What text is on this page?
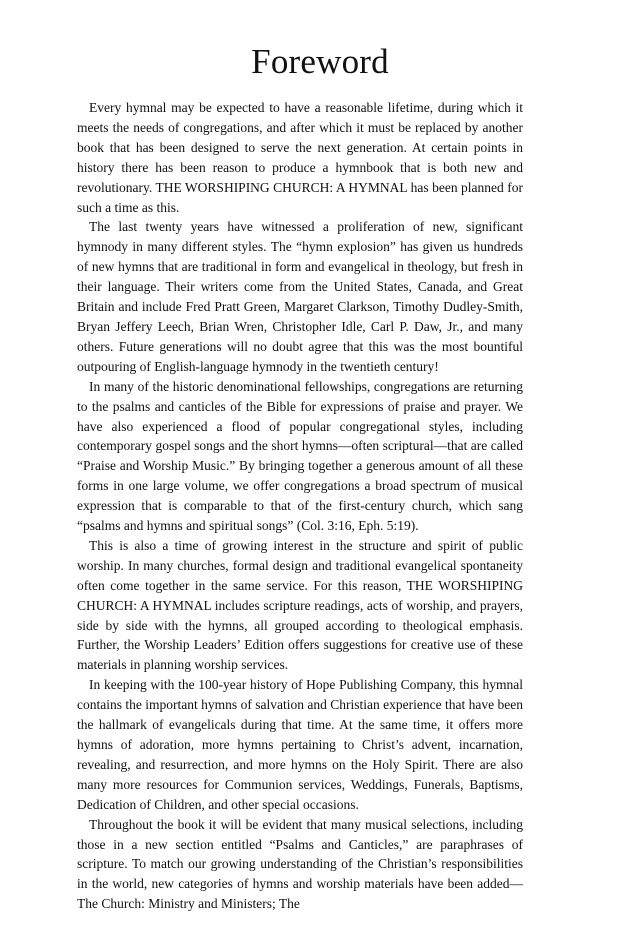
Foreword

Every hymnal may be expected to have a reasonable lifetime, during which it meets the needs of congregations, and after which it must be replaced by another book that has been designed to serve the next generation. At certain points in history there has been reason to produce a hymnbook that is both new and revolutionary. THE WORSHIPING CHURCH: A HYMNAL has been planned for such a time as this.

The last twenty years have witnessed a proliferation of new, significant hymnody in many different styles. The “hymn explosion” has given us hundreds of new hymns that are traditional in form and evangelical in theology, but fresh in their language. Their writers come from the United States, Canada, and Great Britain and include Fred Pratt Green, Margaret Clarkson, Timothy Dudley-Smith, Bryan Jeffery Leech, Brian Wren, Christopher Idle, Carl P. Daw, Jr., and many others. Future generations will no doubt agree that this was the most bountiful outpouring of English-language hymnody in the twentieth century!

In many of the historic denominational fellowships, congregations are returning to the psalms and canticles of the Bible for expressions of praise and prayer. We have also experienced a flood of popular congregational styles, including contemporary gospel songs and the short hymns—often scriptural—that are called “Praise and Worship Music.” By bringing together a generous amount of all these forms in one large volume, we offer congregations a broad spectrum of musical expression that is comparable to that of the first-century church, which sang “psalms and hymns and spiritual songs” (Col. 3:16, Eph. 5:19).

This is also a time of growing interest in the structure and spirit of public worship. In many churches, formal design and traditional evangelical spontaneity often come together in the same service. For this reason, THE WORSHIPING CHURCH: A HYMNAL includes scripture readings, acts of worship, and prayers, side by side with the hymns, all grouped according to theological emphasis. Further, the Worship Leaders’ Edition offers suggestions for creative use of these materials in planning worship services.

In keeping with the 100-year history of Hope Publishing Company, this hymnal contains the important hymns of salvation and Christian experience that have been the hallmark of evangelicals during that time. At the same time, it offers more hymns of adoration, more hymns pertaining to Christ’s advent, incarnation, revealing, and resurrection, and more hymns on the Holy Spirit. There are also many more resources for Communion services, Weddings, Funerals, Baptisms, Dedication of Children, and other special occasions.

Throughout the book it will be evident that many musical selections, including those in a new section entitled “Psalms and Canticles,” are paraphrases of scripture. To match our growing understanding of the Christian’s responsibilities in the world, new categories of hymns and worship materials have been added—The Church: Ministry and Ministers; The
